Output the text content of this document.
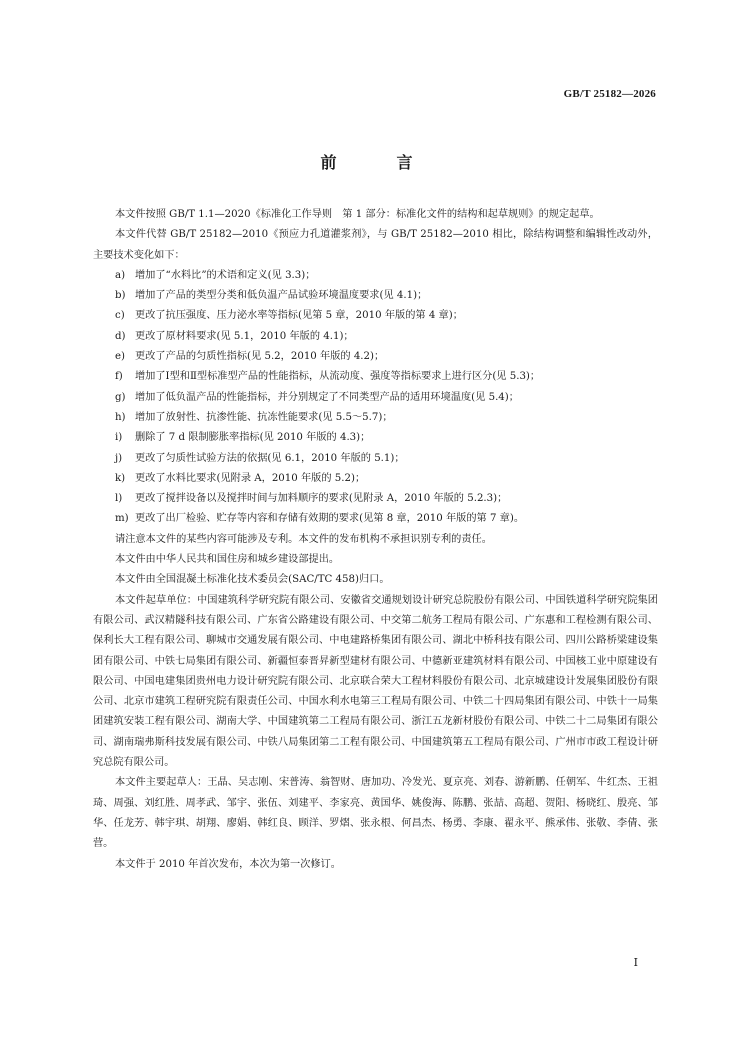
GB/T 25182—2026
前　言

本文件按照 GB/T 1.1—2020《标准化工作导则　第 1 部分：标准化文件的结构和起草规则》的规定起草。

本文件代替 GB/T 25182—2010《预应力孔道灌浆剂》，与 GB/T 25182—2010 相比，除结构调整和编辑性改动外，主要技术变化如下：

a) 增加了“水料比”的术语和定义(见 3.3)；
b) 增加了产品的类型分类和低负温产品试验环境温度要求(见 4.1)；
c)	更改了抗压强度、压力泌水率等指标(见第 5 章，2010 年版的第 4 章)；
d) 更改了原材料要求(见 5.1，2010 年版的 4.1)；
e) 更改了产品的匀质性指标(见 5.2，2010 年版的 4.2)；
f)	增加了Ⅰ型和Ⅱ型标准型产品的性能指标，从流动度、强度等指标要求上进行区分(见 5.3)；
g) 增加了低负温产品的性能指标，并分别规定了不同类型产品的适用环境温度(见 5.4)；
h) 增加了放射性、抗渗性能、抗冻性能要求(见 5.5～5.7)；
i)	删除了 7 d 限制膨胀率指标(见 2010 年版的 4.3)；
j)	更改了匀质性试验方法的依据(见 6.1，2010 年版的 5.1)；
k) 更改了水料比要求(见附录 A，2010 年版的 5.2)；
l)	更改了搅拌设备以及搅拌时间与加料顺序的要求(见附录 A，2010 年版的 5.2.3)；
m) 更改了出厂检验、贮存等内容和存储有效期的要求(见第 8 章，2010 年版的第 7 章)。

请注意本文件的某些内容可能涉及专利。本文件的发布机构不承担识别专利的责任。

本文件由中华人民共和国住房和城乡建设部提出。

本文件由全国混凝土标准化技术委员会(SAC/TC 458)归口。

本文件起草单位：中国建筑科学研究院有限公司、安徽省交通规划设计研究总院股份有限公司、中国铁道科学研究院集团有限公司、武汉精隧科技有限公司、广东省公路建设有限公司、中交第二航务工程局有限公司、广东惠和工程检测有限公司、保利长大工程有限公司、聊城市交通发展有限公司、中电建路桥集团有限公司、湖北中桥科技有限公司、四川公路桥梁建设集团有限公司、中铁七局集团有限公司、新疆恒泰晋昇新型建材有限公司、中德新亚建筑材料有限公司、中国核工业中原建设有限公司、中国电建集团贵州电力设计研究院有限公司、北京联合荣大工程材料股份有限公司、北京城建设计发展集团股份有限公司、北京市建筑工程研究院有限责任公司、中国水利水电第三工程局有限公司、中铁二十四局集团有限公司、中铁十一局集团建筑安装工程有限公司、湖南大学、中国建筑第二工程局有限公司、浙江五龙新材股份有限公司、中铁二十二局集团有限公司、湖南瑞弗斯科技发展有限公司、中铁八局集团第二工程有限公司、中国建筑第五工程局有限公司、广州市市政工程设计研究总院有限公司。

本文件主要起草人：王晶、吴志刚、宋普涛、翁智财、唐加功、冷发光、夏京亮、刘春、游新鹏、任朝军、牛红杰、王祖琦、周强、刘红胜、周孝武、邹宇、张伍、刘建平、李家亮、黄国华、姚俊海、陈鹏、张喆、高超、贺阳、杨晓红、殷亮、邹华、任龙芳、韩宇琪、胡翔、廖娟、韩红良、顾洋、罗熠、张永根、何昌杰、杨勇、李康、翟永平、熊承伟、张敬、李倩、张营。

本文件于 2010 年首次发布，本次为第一次修订。

Ⅰ
